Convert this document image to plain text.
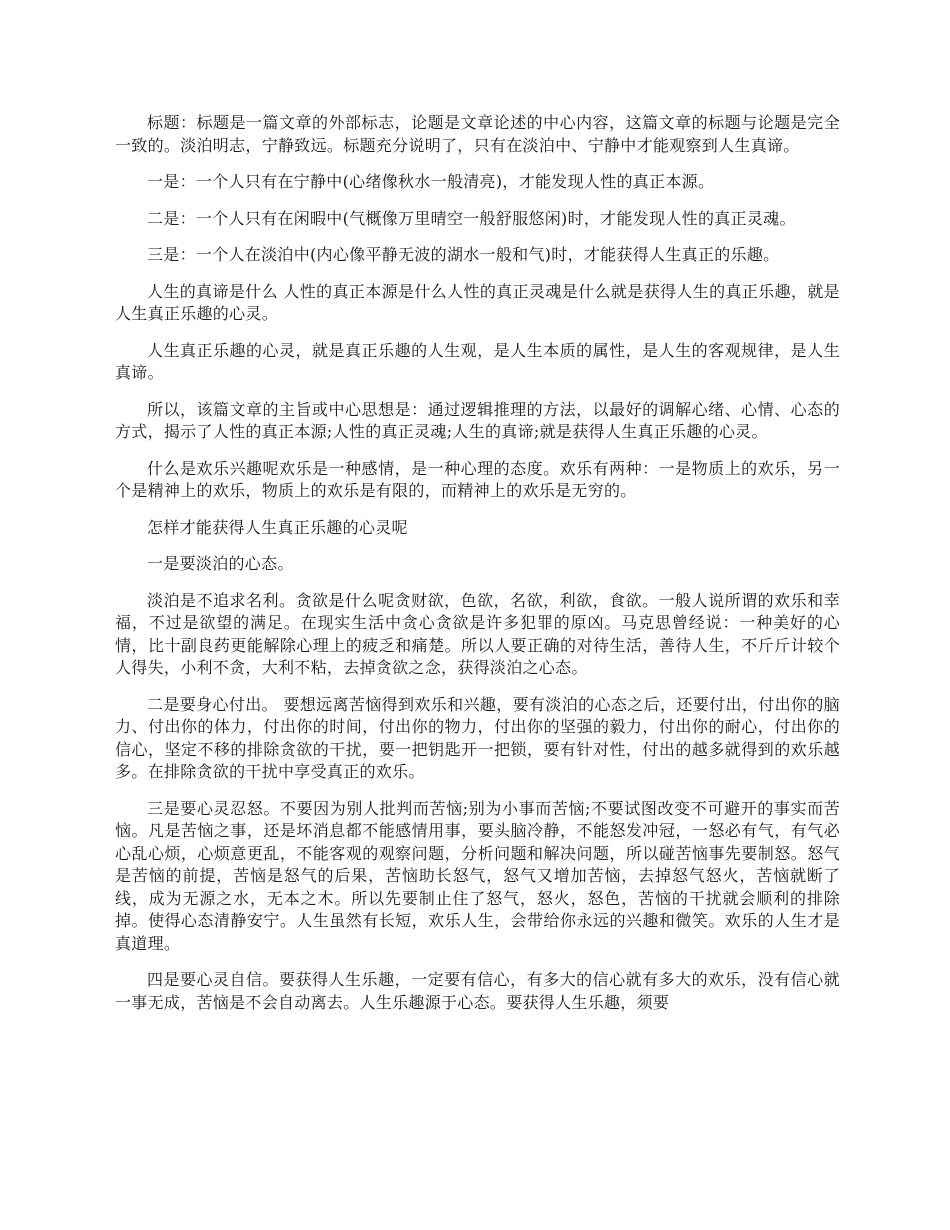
标题：标题是一篇文章的外部标志，论题是文章论述的中心内容，这篇文章的标题与论题是完全一致的。淡泊明志，宁静致远。标题充分说明了，只有在淡泊中、宁静中才能观察到人生真谛。

一是：一个人只有在宁静中(心绪像秋水一般清亮)，才能发现人性的真正本源。

二是：一个人只有在闲暇中(气概像万里晴空一般舒服悠闲)时，才能发现人性的真正灵魂。

三是：一个人在淡泊中(内心像平静无波的湖水一般和气)时，才能获得人生真正的乐趣。

人生的真谛是什么 人性的真正本源是什么人性的真正灵魂是什么就是获得人生的真正乐趣，就是人生真正乐趣的心灵。

人生真正乐趣的心灵，就是真正乐趣的人生观，是人生本质的属性，是人生的客观规律，是人生真谛。

所以，该篇文章的主旨或中心思想是：通过逻辑推理的方法，以最好的调解心绪、心情、心态的方式，揭示了人性的真正本源;人性的真正灵魂;人生的真谛;就是获得人生真正乐趣的心灵。

什么是欢乐兴趣呢欢乐是一种感情，是一种心理的态度。欢乐有两种：一是物质上的欢乐，另一个是精神上的欢乐，物质上的欢乐是有限的，而精神上的欢乐是无穷的。

怎样才能获得人生真正乐趣的心灵呢

一是要淡泊的心态。

淡泊是不追求名利。贪欲是什么呢贪财欲，色欲，名欲，利欲，食欲。一般人说所谓的欢乐和幸福，不过是欲望的满足。在现实生活中贪心贪欲是许多犯罪的原凶。马克思曾经说：一种美好的心情，比十副良药更能解除心理上的疲乏和痛楚。所以人要正确的对待生活，善待人生，不斤斤计较个人得失，小利不贪，大利不粘，去掉贪欲之念，获得淡泊之心态。

二是要身心付出。 要想远离苦恼得到欢乐和兴趣，要有淡泊的心态之后，还要付出，付出你的脑力、付出你的体力，付出你的时间，付出你的物力，付出你的坚强的毅力，付出你的耐心，付出你的信心，坚定不移的排除贪欲的干扰，要一把钥匙开一把锁，要有针对性，付出的越多就得到的欢乐越多。在排除贪欲的干扰中享受真正的欢乐。

三是要心灵忍怒。不要因为别人批判而苦恼;别为小事而苦恼;不要试图改变不可避开的事实而苦恼。凡是苦恼之事，还是坏消息都不能感情用事，要头脑冷静，不能怒发冲冠，一怒必有气，有气必心乱心烦，心烦意更乱，不能客观的观察问题，分析问题和解决问题，所以碰苦恼事先要制怒。怒气是苦恼的前提，苦恼是怒气的后果，苦恼助长怒气，怒气又增加苦恼，去掉怒气怒火，苦恼就断了线，成为无源之水，无本之木。所以先要制止住了怒气，怒火，怒色，苦恼的干扰就会顺利的排除掉。使得心态清静安宁。人生虽然有长短，欢乐人生，会带给你永远的兴趣和微笑。欢乐的人生才是真道理。

四是要心灵自信。要获得人生乐趣，一定要有信心，有多大的信心就有多大的欢乐，没有信心就一事无成，苦恼是不会自动离去。人生乐趣源于心态。要获得人生乐趣，须要
